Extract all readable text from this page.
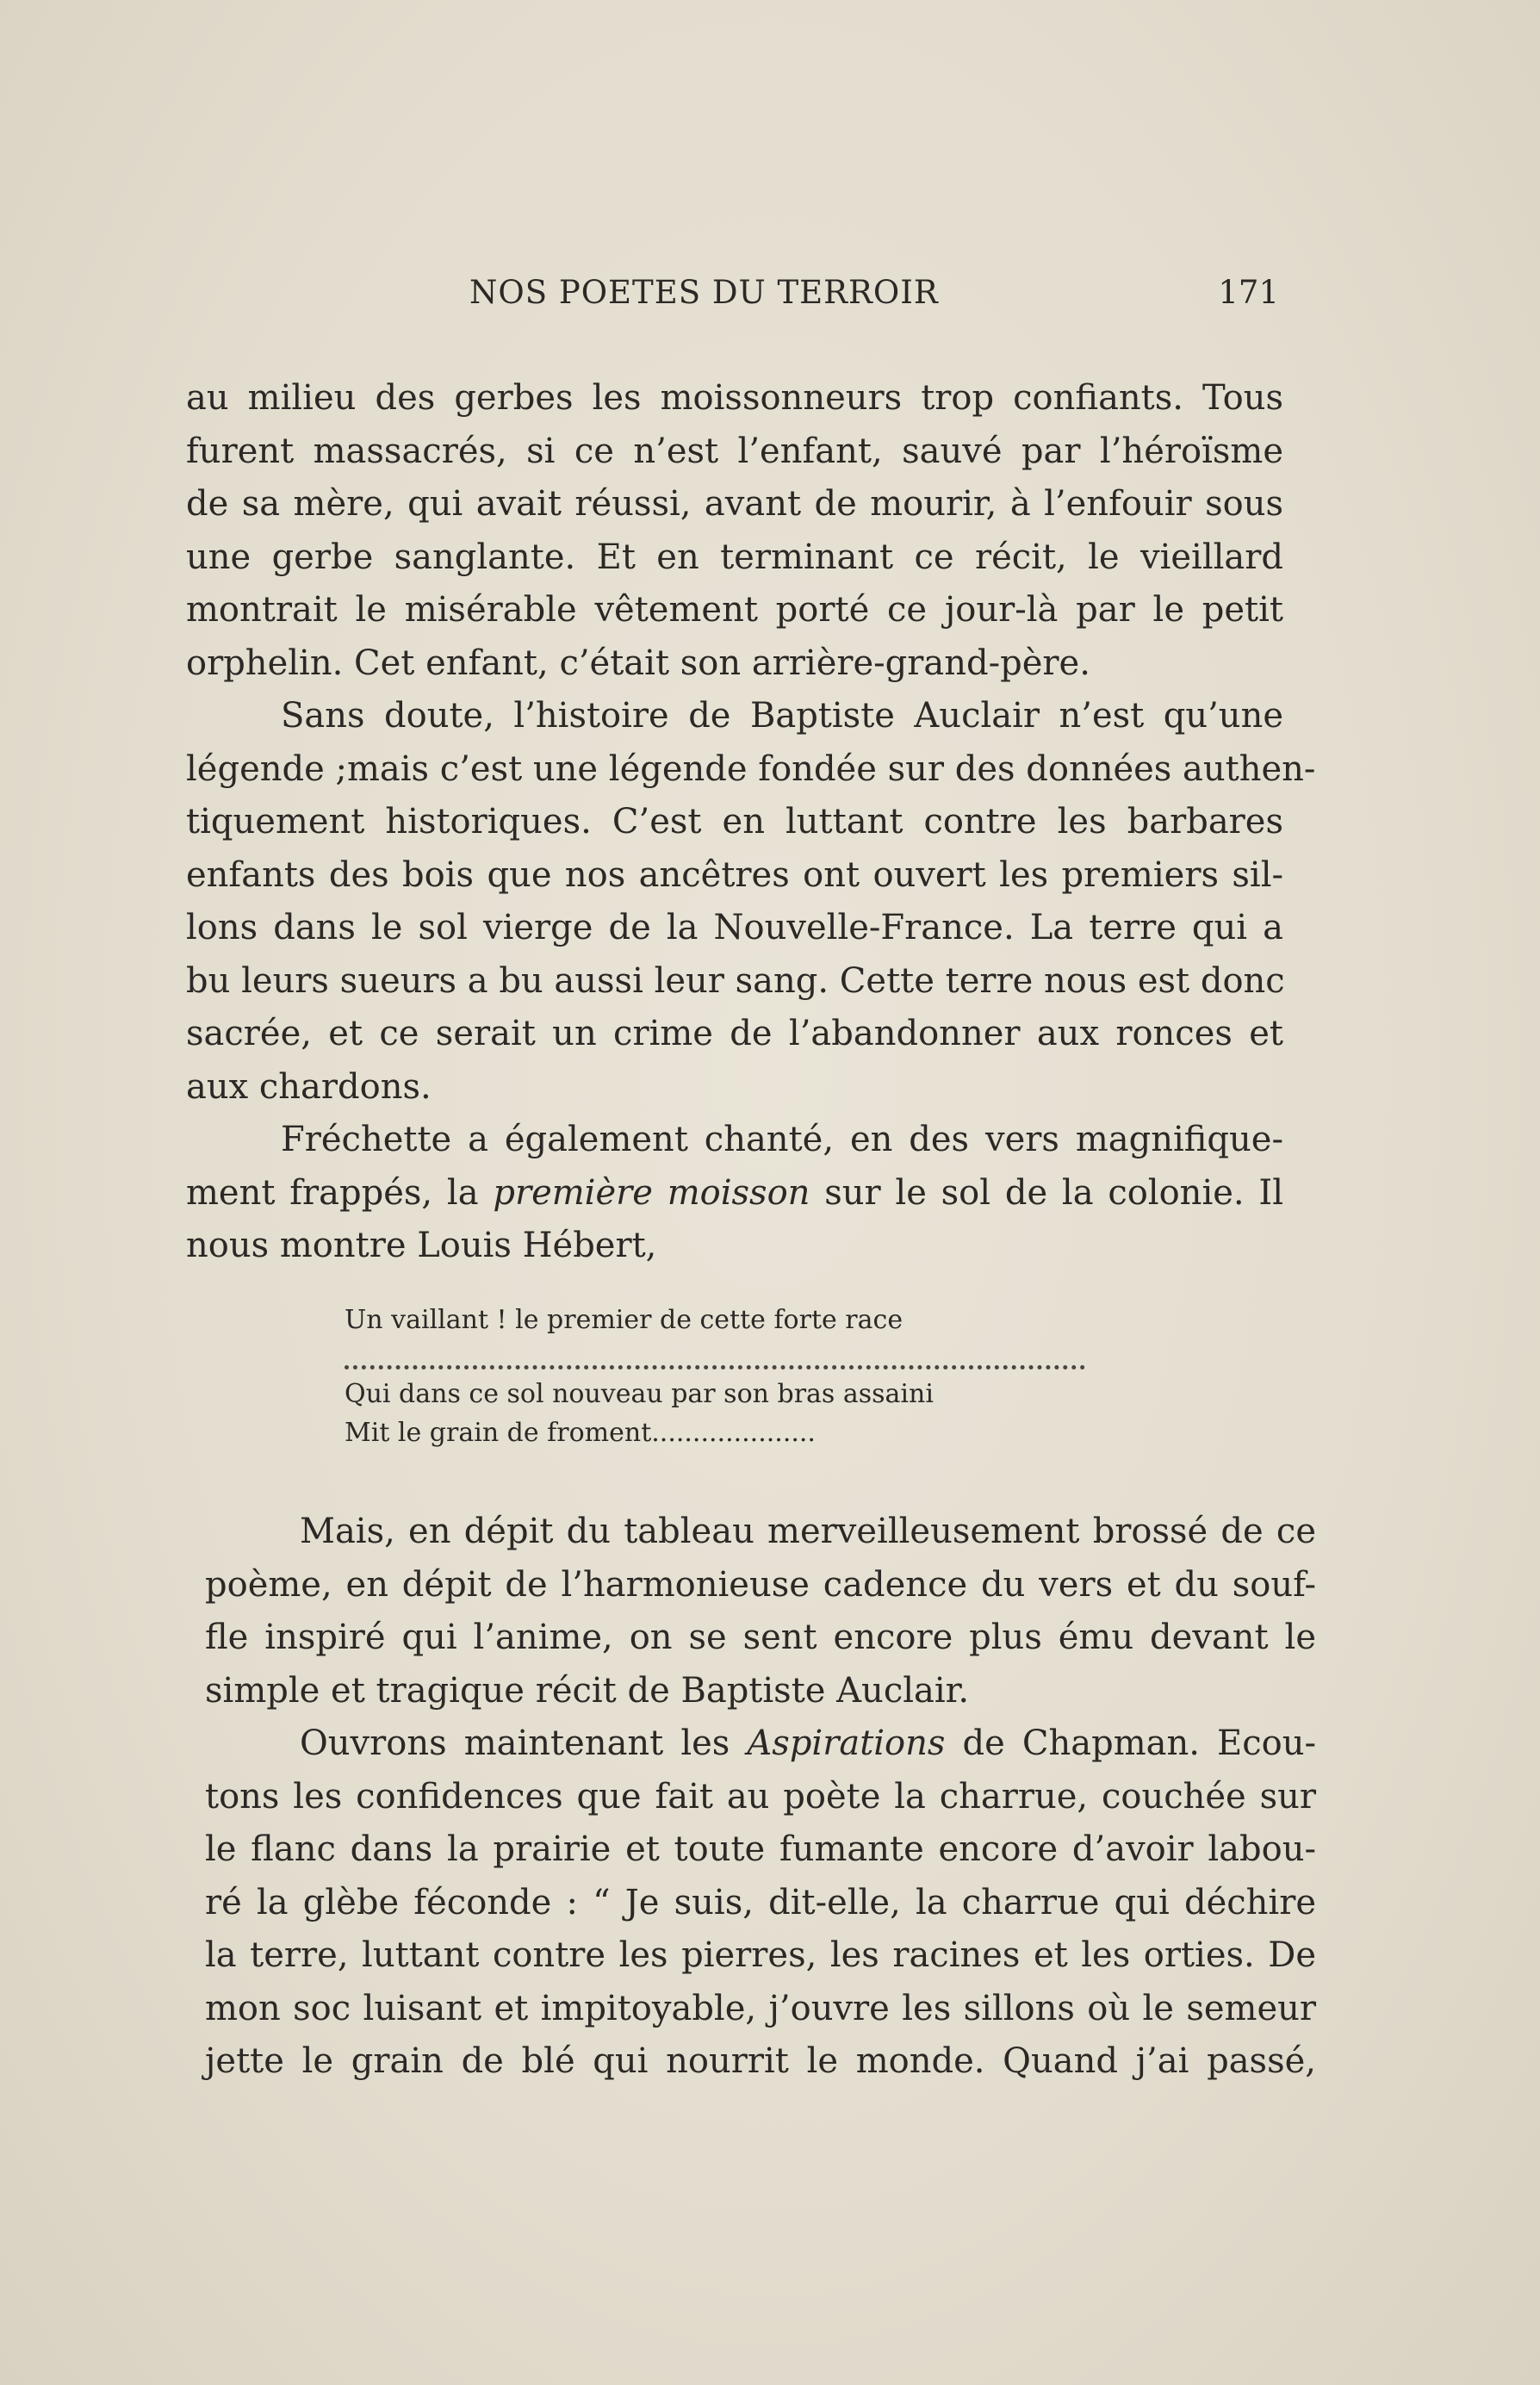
NOS POETES DU TERROIR	171
au milieu des gerbes les moissonneurs trop confiants. Tous
furent massacrés, si ce n’est l’enfant, sauvé par l’héroïsme
de sa mère, qui avait réussi, avant de mourir, à l’enfouir sous
une gerbe sanglante. Et en terminant ce récit, le vieillard
montrait le misérable vêtement porté ce jour-là par le petit
orphelin. Cet enfant, c’était son arrière-grand-père.
Sans doute, l’histoire de Baptiste Auclair n’est qu’une
légende ;mais c’est une légende fondée sur des données authen-
tiquement historiques. C’est en luttant contre les barbares
enfants des bois que nos ancêtres ont ouvert les premiers sil-
lons dans le sol vierge de la Nouvelle-France. La terre qui a
bu leurs sueurs a bu aussi leur sang. Cette terre nous est donc
sacrée, et ce serait un crime de l’abandonner aux ronces et
aux chardons.
Fréchette a également chanté, en des vers magnifique-
ment frappés, la première moisson sur le sol de la colonie. Il
nous montre Louis Hébert,
Un vaillant ! le premier de cette forte race
Qui dans ce sol nouveau par son bras assaini
Mit le grain de froment....................
Mais, en dépit du tableau merveilleusement brossé de ce
poème, en dépit de l’harmonieuse cadence du vers et du souf-
fle inspiré qui l’anime, on se sent encore plus ému devant le
simple et tragique récit de Baptiste Auclair.
Ouvrons maintenant les Aspirations de Chapman. Ecou-
tons les confidences que fait au poète la charrue, couchée sur
le flanc dans la prairie et toute fumante encore d’avoir labou-
ré la glèbe féconde : “ Je suis, dit-elle, la charrue qui déchire
la terre, luttant contre les pierres, les racines et les orties. De
mon soc luisant et impitoyable, j’ouvre les sillons où le semeur
jette le grain de blé qui nourrit le monde. Quand j’ai passé,
